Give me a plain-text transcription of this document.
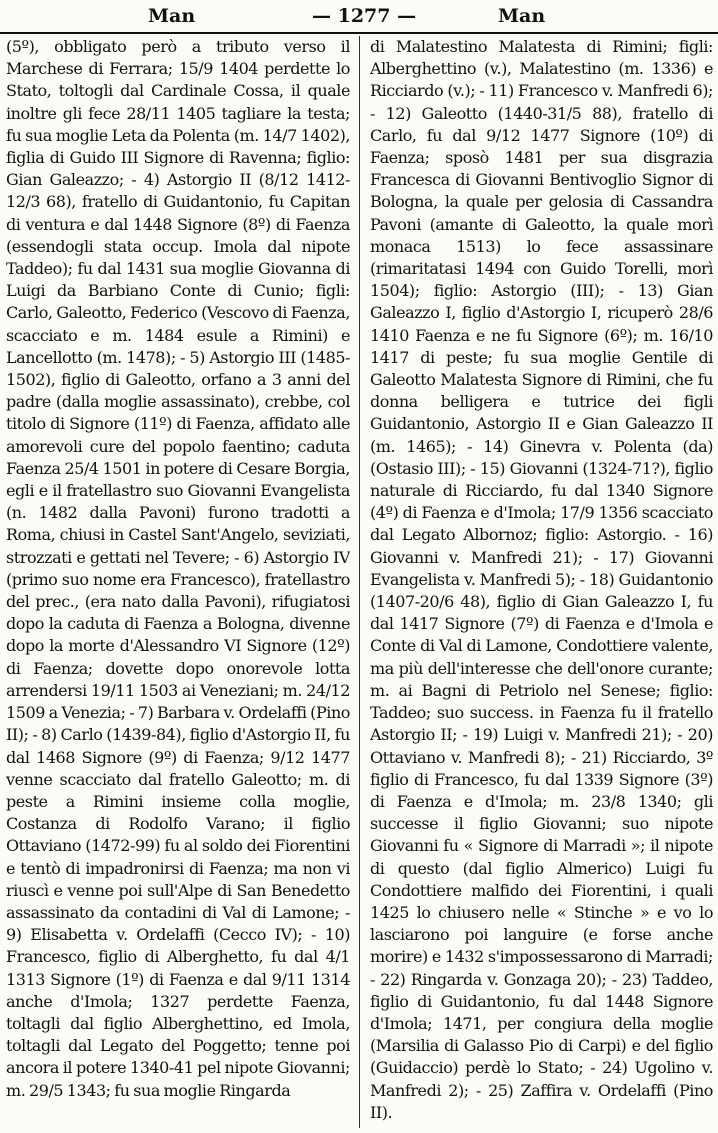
Man	— 1277 —	Man

(5º), obbligato però a tributo verso il Marchese di Ferrara; 15/9 1404 perdette lo Stato, toltogli dal Cardinale Cossa, il quale inoltre gli fece 28/11 1405 tagliare la testa; fu sua moglie Leta da Polenta (m. 14/7 1402), figlia di Guido III Signore di Ravenna; figlio: Gian Galeazzo; - 4) Astorgio II (8/12 1412-12/3 68), fratello di Guidantonio, fu Capitan di ventura e dal 1448 Signore (8º) di Faenza (essendogli stata occup. Imola dal nipote Taddeo); fu dal 1431 sua moglie Giovanna di Luigi da Barbiano Conte di Cunio; figli: Carlo, Galeotto, Federico (Vescovo di Faenza, scacciato e m. 1484 esule a Rimini) e Lancellotto (m. 1478); - 5) Astorgio III (1485-1502), figlio di Galeotto, orfano a 3 anni del padre (dalla moglie assassinato), crebbe, col titolo di Signore (11º) di Faenza, affidato alle amorevoli cure del popolo faentino; caduta Faenza 25/4 1501 in potere di Cesare Borgia, egli e il fratellastro suo Giovanni Evangelista (n. 1482 dalla Pavoni) furono tradotti a Roma, chiusi in Castel Sant'Angelo, seviziati, strozzati e gettati nel Tevere; - 6) Astorgio IV (primo suo nome era Francesco), fratellastro del prec., (era nato dalla Pavoni), rifugiatosi dopo la caduta di Faenza a Bologna, divenne dopo la morte d'Alessandro VI Signore (12º) di Faenza; dovette dopo onorevole lotta arrendersi 19/11 1503 ai Veneziani; m. 24/12 1509 a Venezia; - 7) Barbara v. Ordelaffi (Pino II); - 8) Carlo (1439-84), figlio d'Astorgio II, fu dal 1468 Signore (9º) di Faenza; 9/12 1477 venne scacciato dal fratello Galeotto; m. di peste a Rimini insieme colla moglie, Costanza di Rodolfo Varano; il figlio Ottaviano (1472-99) fu al soldo dei Fiorentini e tentò di impadronirsi di Faenza; ma non vi riuscì e venne poi sull'Alpe di San Benedetto assassinato da contadini di Val di Lamone; - 9) Elisabetta v. Ordelaffi (Cecco IV); - 10) Francesco, figlio di Alberghetto, fu dal 4/1 1313 Signore (1º) di Faenza e dal 9/11 1314 anche d'Imola; 1327 perdette Faenza, toltagli dal figlio Alberghettino, ed Imola, toltagli dal Legato del Poggetto; tenne poi ancora il potere 1340-41 pel nipote Giovanni; m. 29/5 1343; fu sua moglie Ringarda

di Malatestino Malatesta di Rimini; figli: Alberghettino (v.), Malatestino (m. 1336) e Ricciardo (v.); - 11) Francesco v. Manfredi 6); - 12) Galeotto (1440-31/5 88), fratello di Carlo, fu dal 9/12 1477 Signore (10º) di Faenza; sposò 1481 per sua disgrazia Francesca di Giovanni Bentivoglio Signor di Bologna, la quale per gelosia di Cassandra Pavoni (amante di Galeotto, la quale morì monaca 1513) lo fece assassinare (rimaritatasi 1494 con Guido Torelli, morì 1504); figlio: Astorgio (III); - 13) Gian Galeazzo I, figlio d'Astorgio I, ricuperò 28/6 1410 Faenza e ne fu Signore (6º); m. 16/10 1417 di peste; fu sua moglie Gentile di Galeotto Malatesta Signore di Rimini, che fu donna belligera e tutrice dei figli Guidantonio, Astorgio II e Gian Galeazzo II (m. 1465); - 14) Ginevra v. Polenta (da) (Ostasio III); - 15) Giovanni (1324-71?), figlio naturale di Ricciardo, fu dal 1340 Signore (4º) di Faenza e d'Imola; 17/9 1356 scacciato dal Legato Albornoz; figlio: Astorgio. - 16) Giovanni v. Manfredi 21); - 17) Giovanni Evangelista v. Manfredi 5); - 18) Guidantonio (1407-20/6 48), figlio di Gian Galeazzo I, fu dal 1417 Signore (7º) di Faenza e d'Imola e Conte di Val di Lamone, Condottiere valente, ma più dell'interesse che dell'onore curante; m. ai Bagni di Petriolo nel Senese; figlio: Taddeo; suo success. in Faenza fu il fratello Astorgio II; - 19) Luigi v. Manfredi 21); - 20) Ottaviano v. Manfredi 8); - 21) Ricciardo, 3º figlio di Francesco, fu dal 1339 Signore (3º) di Faenza e d'Imola; m. 23/8 1340; gli successe il figlio Giovanni; suo nipote Giovanni fu « Signore di Marradi »; il nipote di questo (dal figlio Almerico) Luigi fu Condottiere malfido dei Fiorentini, i quali 1425 lo chiusero nelle « Stinche » e vo lo lasciarono poi languire (e forse anche morire) e 1432 s'impossessarono di Marradi; - 22) Ringarda v. Gonzaga 20); - 23) Taddeo, figlio di Guidantonio, fu dal 1448 Signore d'Imola; 1471, per congiura della moglie (Marsilia di Galasso Pio di Carpi) e del figlio (Guidaccio) perdè lo Stato; - 24) Ugolino v. Manfredi 2); - 25) Zaffira v. Ordelaffi (Pino II).
